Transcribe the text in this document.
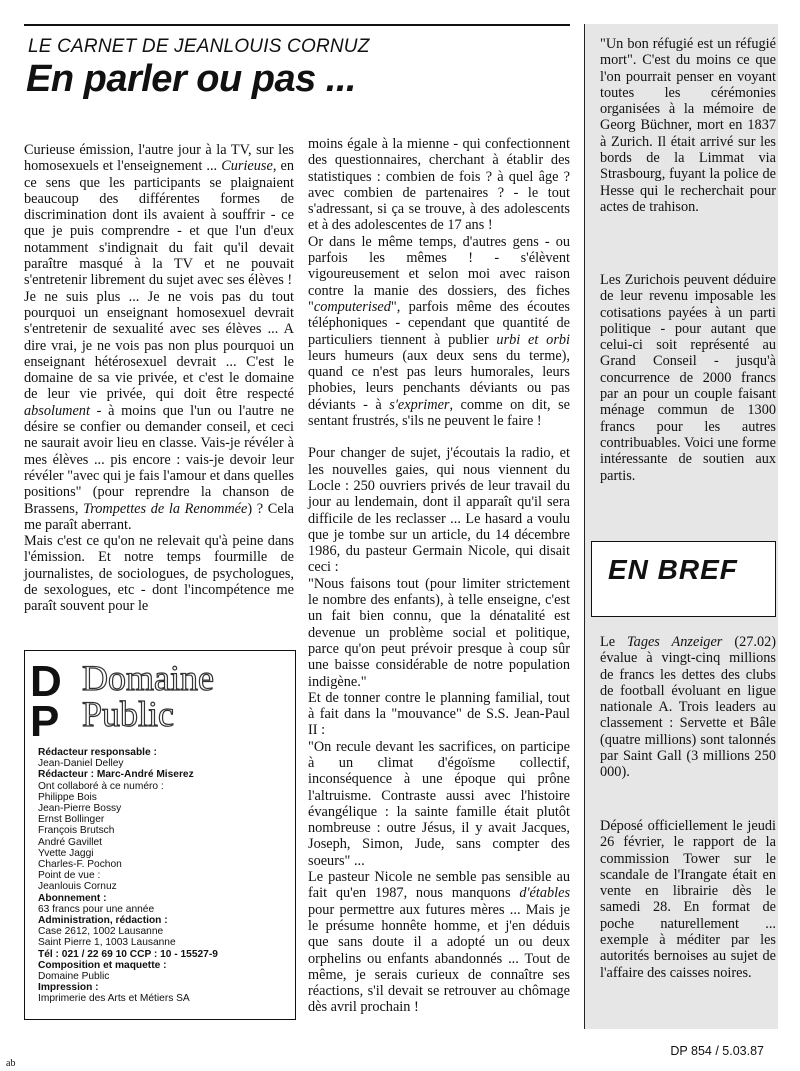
LE CARNET DE JEANLOUIS CORNUZ
En parler ou pas ...

Curieuse émission, l'autre jour à la TV, sur les homosexuels et l'enseignement ... Curieuse, en ce sens que les participants se plaignaient beaucoup des différentes formes de discrimination dont ils avaient à souffrir - ce que je puis comprendre - et que l'un d'eux notamment s'indignait du fait qu'il devait paraître masqué à la TV et ne pouvait s'entretenir librement du sujet avec ses élèves !

Je ne suis plus ... Je ne vois pas du tout pourquoi un enseignant homosexuel devrait s'entretenir de sexualité avec ses élèves ... A dire vrai, je ne vois pas non plus pourquoi un enseignant hétérosexuel devrait ... C'est le domaine de sa vie privée, et c'est le domaine de leur vie privée, qui doit être respecté absolument - à moins que l'un ou l'autre ne désire se confier ou demander conseil, et ceci ne saurait avoir lieu en classe. Vais-je révéler à mes élèves ... pis encore : vais-je devoir leur révéler "avec qui je fais l'amour et dans quelles positions" (pour reprendre la chanson de Brassens, Trompettes de la Renommée) ? Cela me paraît aberrant.

Mais c'est ce qu'on ne relevait qu'à peine dans l'émission. Et notre temps fourmille de journalistes, de sociologues, de psychologues, de sexologues, etc - dont l'incompétence me paraît souvent pour le

D
P
Domaine
Public
Rédacteur responsable :
Jean-Daniel Delley
Rédacteur : Marc-André Miserez
Ont collaboré à ce numéro :
Philippe Bois
Jean-Pierre Bossy
Ernst Bollinger
François Brutsch
André Gavillet
Yvette Jaggi
Charles-F. Pochon
Point de vue :
Jeanlouis Cornuz
Abonnement :
63 francs pour une année
Administration, rédaction :
Case 2612, 1002 Lausanne
Saint Pierre 1, 1003 Lausanne
Tél : 021 / 22 69 10 CCP : 10 - 15527-9
Composition et maquette :
Domaine Public
Impression :
Imprimerie des Arts et Métiers SA

moins égale à la mienne - qui confectionnent des questionnaires, cherchant à établir des statistiques : combien de fois ? à quel âge ? avec combien de partenaires ? - le tout s'adressant, si ça se trouve, à des adolescents et à des adolescentes de 17 ans !

Or dans le même temps, d'autres gens - ou parfois les mêmes ! - s'élèvent vigoureusement et selon moi avec raison contre la manie des dossiers, des fiches "computerised", parfois même des écoutes téléphoniques - cependant que quantité de particuliers tiennent à publier urbi et orbi leurs humeurs (aux deux sens du terme), quand ce n'est pas leurs humorales, leurs phobies, leurs penchants déviants ou pas déviants - à s'exprimer, comme on dit, se sentant frustrés, s'ils ne peuvent le faire !

Pour changer de sujet, j'écoutais la radio, et les nouvelles gaies, qui nous viennent du Locle : 250 ouvriers privés de leur travail du jour au lendemain, dont il apparaît qu'il sera difficile de les reclasser ... Le hasard a voulu que je tombe sur un article, du 14 décembre 1986, du pasteur Germain Nicole, qui disait ceci :

"Nous faisons tout (pour limiter strictement le nombre des enfants), à telle enseigne, c'est un fait bien connu, que la dénatalité est devenue un problème social et politique, parce qu'on peut prévoir presque à coup sûr une baisse considérable de notre population indigène."

Et de tonner contre le planning familial, tout à fait dans la "mouvance" de S.S. Jean-Paul II :

"On recule devant les sacrifices, on participe à un climat d'égoïsme collectif, inconséquence à une époque qui prône l'altruisme. Contraste aussi avec l'histoire évangélique : la sainte famille était plutôt nombreuse : outre Jésus, il y avait Jacques, Joseph, Simon, Jude, sans compter des soeurs" ...

Le pasteur Nicole ne semble pas sensible au fait qu'en 1987, nous manquons d'étables pour permettre aux futures mères ... Mais je le présume honnête homme, et j'en déduis que sans doute il a adopté un ou deux orphelins ou enfants abandonnés ... Tout de même, je serais curieux de connaître ses réactions, s'il devait se retrouver au chômage dès avril prochain !

"Un bon réfugié est un réfugié mort". C'est du moins ce que l'on pourrait penser en voyant toutes les cérémonies organisées à la mémoire de Georg Büchner, mort en 1837 à Zurich. Il était arrivé sur les bords de la Limmat via Strasbourg, fuyant la police de Hesse qui le recherchait pour actes de trahison.

Les Zurichois peuvent déduire de leur revenu imposable les cotisations payées à un parti politique - pour autant que celui-ci soit représenté au Grand Conseil - jusqu'à concurrence de 2000 francs par an pour un couple faisant ménage commun de 1300 francs pour les autres contribuables. Voici une forme intéressante de soutien aux partis.

EN BREF

Le Tages Anzeiger (27.02) évalue à vingt-cinq millions de francs les dettes des clubs de football évoluant en ligue nationale A. Trois leaders au classement : Servette et Bâle (quatre millions) sont talonnés par Saint Gall (3 millions 250 000).

Déposé officiellement le jeudi 26 février, le rapport de la commission Tower sur le scandale de l'Irangate était en vente en librairie dès le samedi 28. En format de poche naturellement ... exemple à méditer par les autorités bernoises au sujet de l'affaire des caisses noires.

DP 854 / 5.03.87
ab
